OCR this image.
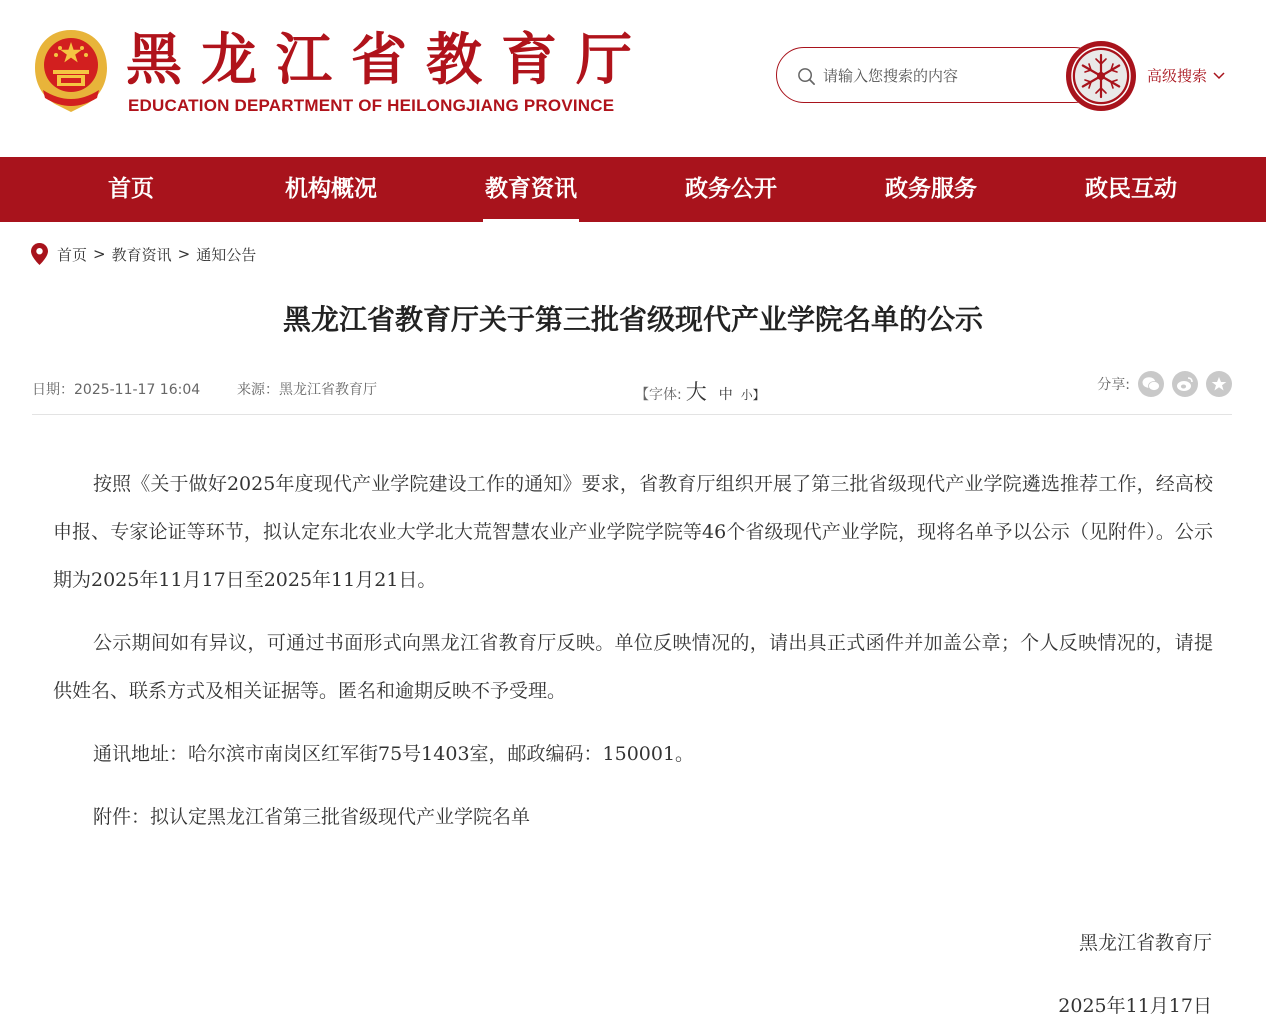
黑龙江省教育厅
EDUCATION DEPARTMENT OF HEILONGJIANG PROVINCE
请输入您搜索的内容
高级搜索
首页	机构概况	教育资讯	政务公开	政务服务	政民互动
首页 > 教育资讯 > 通知公告
黑龙江省教育厅关于第三批省级现代产业学院名单的公示
日期：2025-11-17 16:04	来源：黑龙江省教育厅	【字体: 大 中 小】
分享:

按照《关于做好2025年度现代产业学院建设工作的通知》要求，省教育厅组织开展了第三批省级现代产业学院遴选推荐工作，经高校申报、专家论证等环节，拟认定东北农业大学北大荒智慧农业产业学院学院等46个省级现代产业学院，现将名单予以公示（见附件）。公示期为2025年11月17日至2025年11月21日。

公示期间如有异议，可通过书面形式向黑龙江省教育厅反映。单位反映情况的，请出具正式函件并加盖公章；个人反映情况的，请提供姓名、联系方式及相关证据等。匿名和逾期反映不予受理。

通讯地址：哈尔滨市南岗区红军街75号1403室，邮政编码：150001。

附件：拟认定黑龙江省第三批省级现代产业学院名单

黑龙江省教育厅
2025年11月17日
